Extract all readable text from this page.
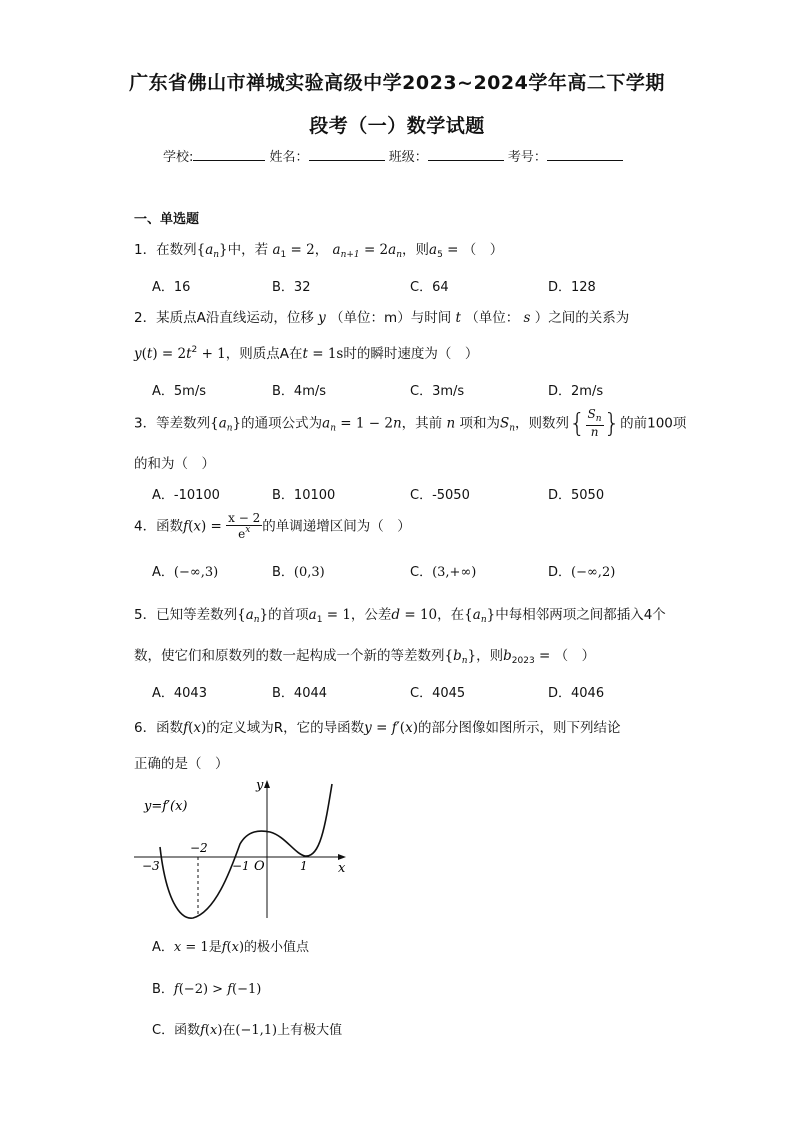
广东省佛山市禅城实验高级中学2023~2024学年高二下学期
段考（一）数学试题
学校:	姓名：	班级：	考号：
一、单选题
1．在数列$\{a_n\}$中，若 $a_1 = 2$， $a_{n+1} = 2a_n$，则$a_5$ = （　）
A．16	B．32	C．64	D．128
2．某质点A沿直线运动，位移 y （单位：m）与时间 t （单位： s ）之间的关系为
$y(t) = 2t^2 + 1$，则质点A在t = 1s时的瞬时速度为（　）
A．5m/s	B．4m/s	C．3m/s	D．2m/s
3．等差数列$\{a_n\}$的通项公式为$a_n = 1 - 2n$，其前 n 项和为$S_n$，则数列{ $\frac{S_n}{n}$ }的前100项
的和为（　）
A．-10100	B．10100	C．-5050	D．5050
4．函数$f(x) = \frac{x - 2}{e^x}$ 的单调递增区间为（　）
A．(−∞,3)	B．(0,3)	C．(3,+∞)	D．(−∞,2)
5．已知等差数列$\{a_n\}$的首项$a_1 = 1$，公差d = 10，在$\{a_n\}$中每相邻两项之间都插入4个
数，使它们和原数列的数一起构成一个新的等差数列$\{b_n\}$，则$b_{2023}$ = （　）
A．4043	B．4044	C．4045	D．4046
6．函数f(x)的定义域为R，它的导函数y = f′(x)的部分图像如图所示，则下列结论
正确的是（　）
y=f′(x)
y
x
−3
−2
−1 O	1
A．x = 1是f(x)的极小值点
B．f(−2) > f(−1)
C．函数f(x)在(−1,1)上有极大值
